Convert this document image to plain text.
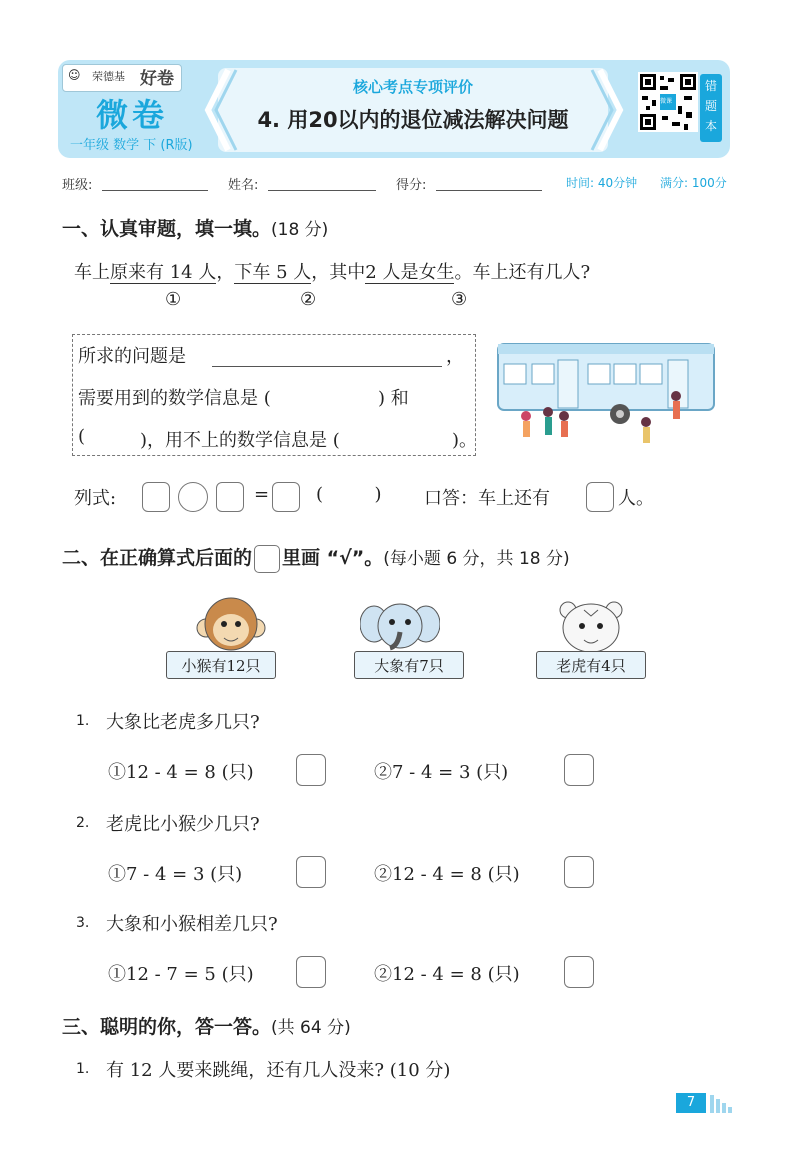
☺ 荣德基 好卷
微卷
一年级 数学 下 (R版)
核心考点专项评价
4. 用20以内的退位减法解决问题
微课
错
题
本
班级:	姓名:	得分:	时间: 40分钟 满分: 100分
一、认真审题，填一填。(18 分)
车上原来有 14 人，下车 5 人，其中2 人是女生。车上还有几人?
①	②	③
所求的问题是	，
需要用到的数学信息是 (	) 和
(	)，用不上的数学信息是 (	)。
列式:	=	(         ) 口答：车上还有	人。
二、在正确算式后面的 里画 “√”。(每小题 6 分，共 18 分)
小猴有12只	大象有7只	老虎有4只
1. 大象比老虎多几只?
①12 - 4 = 8 (只)	②7 - 4 = 3 (只)
2. 老虎比小猴少几只?
①7 - 4 = 3 (只)	②12 - 4 = 8 (只)
3. 大象和小猴相差几只?
①12 - 7 = 5 (只)	②12 - 4 = 8 (只)
三、聪明的你，答一答。(共 64 分)
1. 有 12 人要来跳绳，还有几人没来? (10 分)
7
